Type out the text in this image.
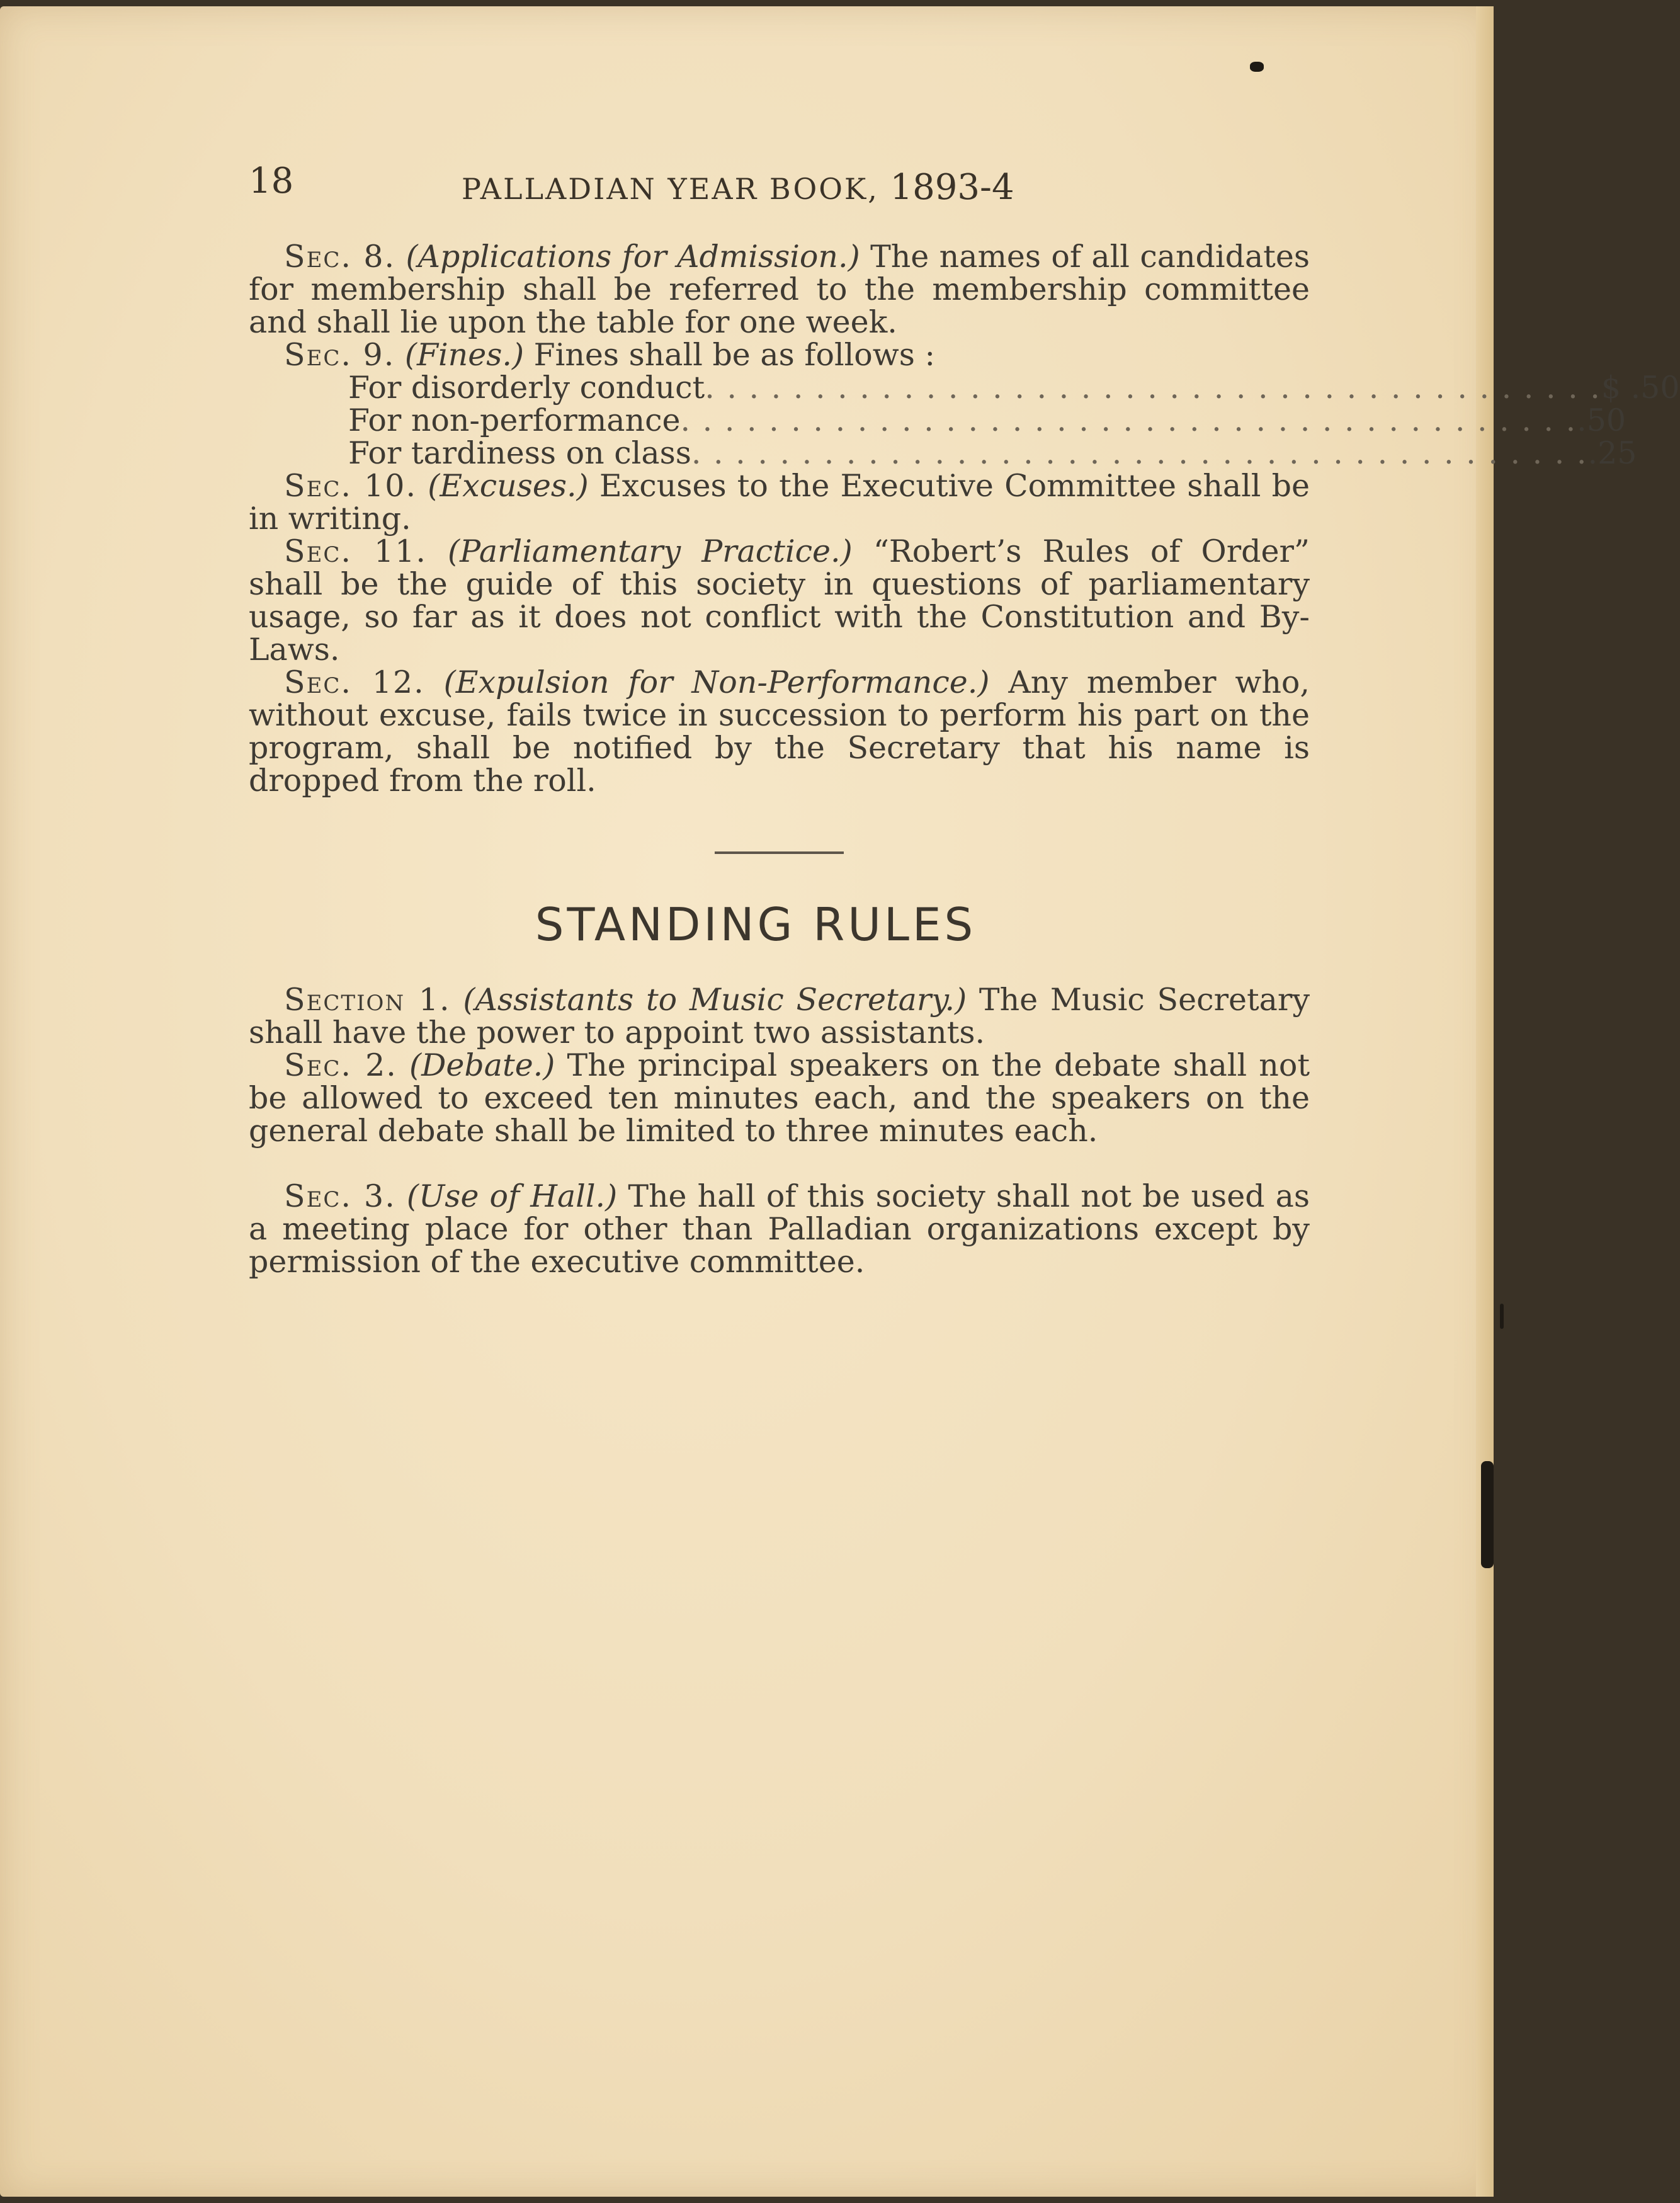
18	PALLADIAN YEAR BOOK, 1893-4

Sec. 8. (Applications for Admission.) The names of all candidates for membership shall be referred to the membership committee and shall lie upon the table for one week.

Sec. 9. (Fines.) Fines shall be as follows :

For disorderly conduct . . . . . . . . . . . . . . . . . . . . . . . . . . . . . . . . . . . . . . . . . $ .50
For non-performance . . . . . . . . . . . . . . . . . . . . . . . . . . . . . . . . . . . . . . . . . .50
For tardiness on class . . . . . . . . . . . . . . . . . . . . . . . . . . . . . . . . . . . . . . . . . .25

Sec. 10. (Excuses.) Excuses to the Executive Committee shall be in writing.

Sec. 11. (Parliamentary Practice.) “Robert’s Rules of Order” shall be the guide of this society in questions of parliamentary usage, so far as it does not conflict with the Constitution and By-Laws.

Sec. 12. (Expulsion for Non-Performance.) Any member who, without excuse, fails twice in succession to perform his part on the program, shall be notified by the Secretary that his name is dropped from the roll.

STANDING RULES

Section 1. (Assistants to Music Secretary.) The Music Secretary shall have the power to appoint two assistants.

Sec. 2. (Debate.) The principal speakers on the debate shall not be allowed to exceed ten minutes each, and the speakers on the general debate shall be limited to three minutes each.

Sec. 3. (Use of Hall.) The hall of this society shall not be used as a meeting place for other than Palladian organizations except by permission of the executive committee.
